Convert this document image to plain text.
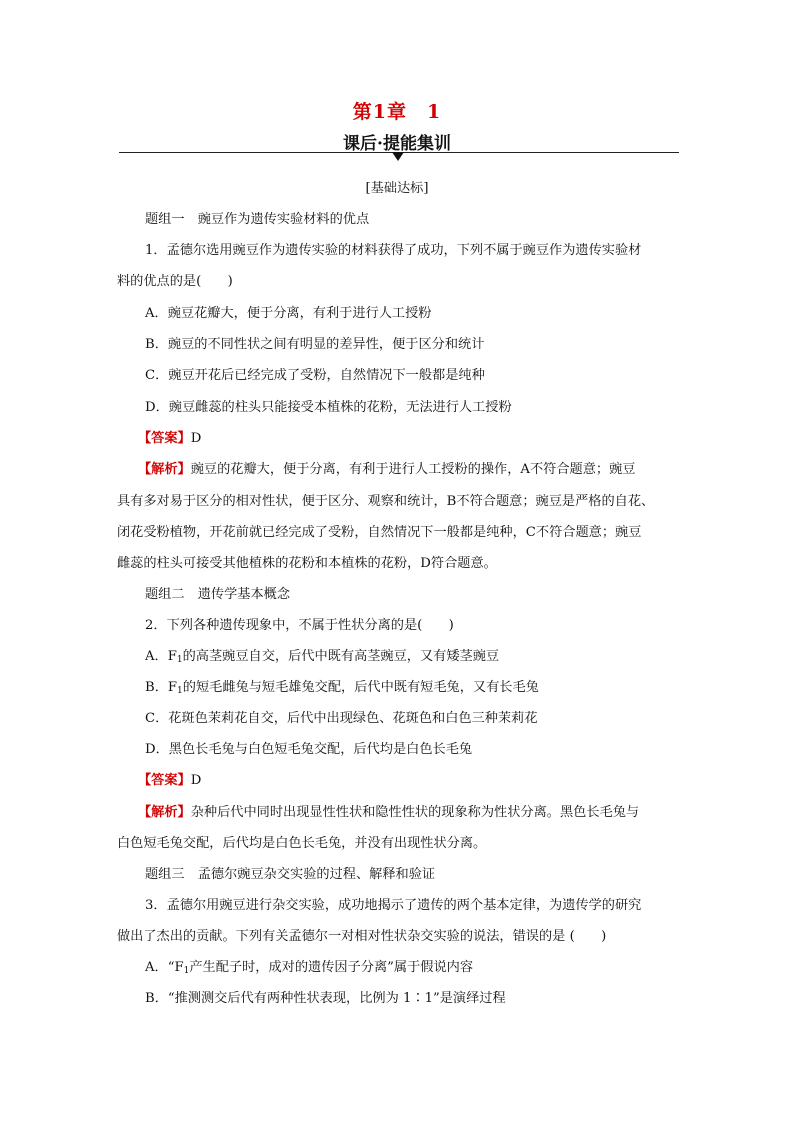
第1章　1
课后·提能集训
[基础达标]
题组一　豌豆作为遗传实验材料的优点
1．孟德尔选用豌豆作为遗传实验的材料获得了成功，下列不属于豌豆作为遗传实验材
料的优点的是(　　)
A．豌豆花瓣大，便于分离，有利于进行人工授粉
B．豌豆的不同性状之间有明显的差异性，便于区分和统计
C．豌豆开花后已经完成了受粉，自然情况下一般都是纯种
D．豌豆雌蕊的柱头只能接受本植株的花粉，无法进行人工授粉
【答案】D
【解析】豌豆的花瓣大，便于分离，有利于进行人工授粉的操作，A不符合题意；豌豆
具有多对易于区分的相对性状，便于区分、观察和统计，B不符合题意；豌豆是严格的自花、
闭花受粉植物，开花前就已经完成了受粉，自然情况下一般都是纯种，C不符合题意；豌豆
雌蕊的柱头可接受其他植株的花粉和本植株的花粉，D符合题意。
题组二　遗传学基本概念
2．下列各种遗传现象中，不属于性状分离的是(　　)
A．$F_1$的高茎豌豆自交，后代中既有高茎豌豆，又有矮茎豌豆
B．$F_1$的短毛雌兔与短毛雄兔交配，后代中既有短毛兔，又有长毛兔
C．花斑色茉莉花自交，后代中出现绿色、花斑色和白色三种茉莉花
D．黑色长毛兔与白色短毛兔交配，后代均是白色长毛兔
【答案】D
【解析】杂种后代中同时出现显性性状和隐性性状的现象称为性状分离。黑色长毛兔与
白色短毛兔交配，后代均是白色长毛兔，并没有出现性状分离。
题组三　孟德尔豌豆杂交实验的过程、解释和验证
3．孟德尔用豌豆进行杂交实验，成功地揭示了遗传的两个基本定律，为遗传学的研究
做出了杰出的贡献。下列有关孟德尔一对相对性状杂交实验的说法，错误的是 (　　)
A．“$F_1$产生配子时，成对的遗传因子分离”属于假说内容
B．“推测测交后代有两种性状表现，比例为 1∶1”是演绎过程
